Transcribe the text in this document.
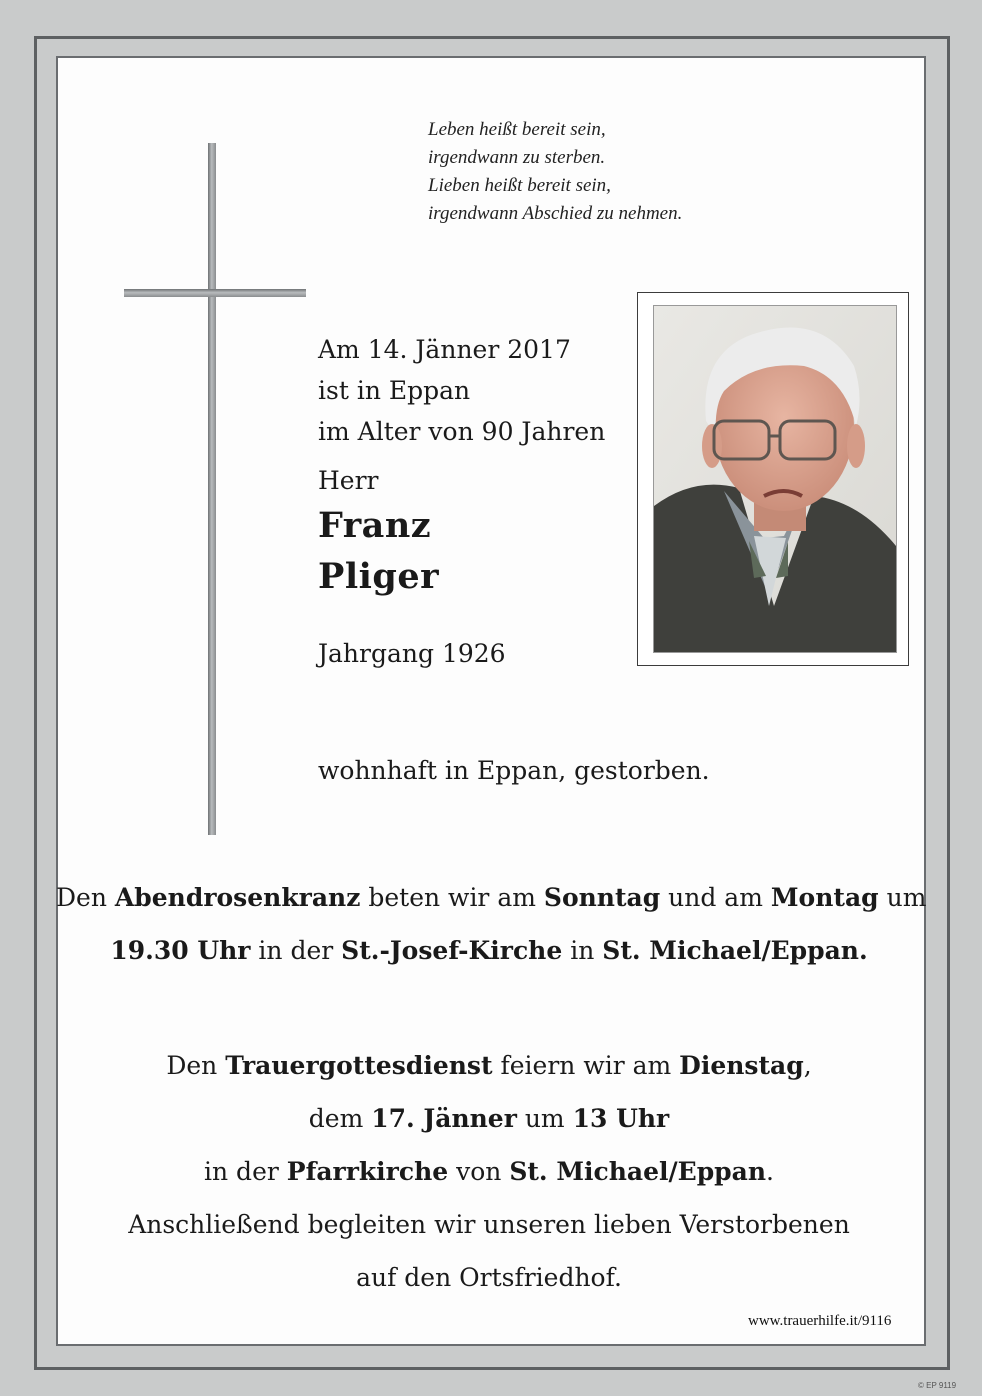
Leben heißt bereit sein,
irgendwann zu sterben.
Lieben heißt bereit sein,
irgendwann Abschied zu nehmen.
Am 14. Jänner 2017
ist in Eppan
im Alter von 90 Jahren
Herr
Franz
Pliger
Jahrgang 1926
wohnhaft in Eppan, gestorben.
Den Abendrosenkranz beten wir am Sonntag und am Montag um
19.30 Uhr in der St.-Josef-Kirche in St. Michael/Eppan.
Den Trauergottesdienst feiern wir am Dienstag,
dem 17. Jänner um 13 Uhr
in der Pfarrkirche von St. Michael/Eppan.
Anschließend begleiten wir unseren lieben Verstorbenen
auf den Ortsfriedhof.
www.trauerhilfe.it/9116
© EP 9119
